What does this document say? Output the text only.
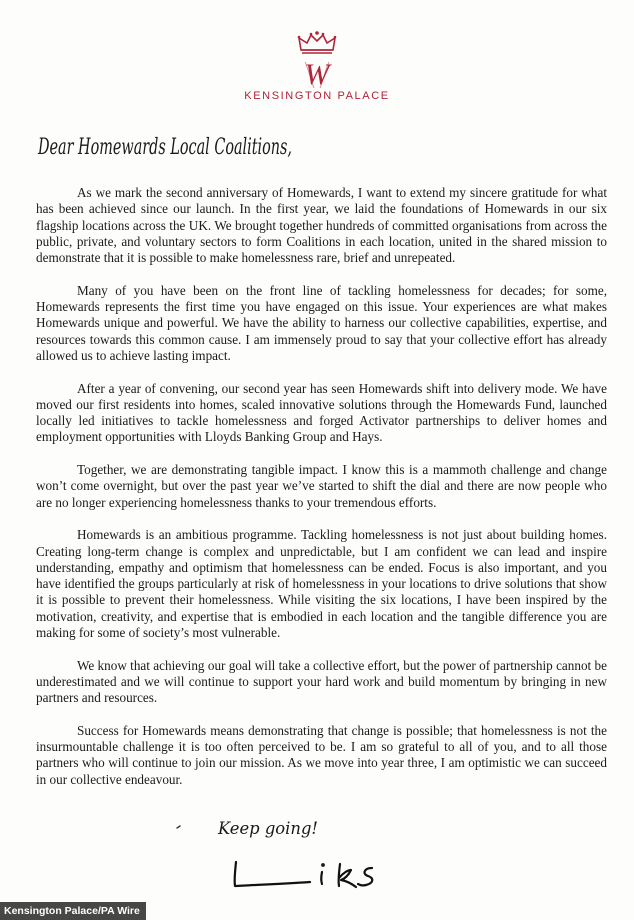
W
KENSINGTON PALACE
Dear Homewards Local Coalitions,

As we mark the second anniversary of Homewards, I want to extend my sincere gratitude for what has been achieved since our launch. In the first year, we laid the foundations of Homewards in our six flagship locations across the UK. We brought together hundreds of committed organisations from across the public, private, and voluntary sectors to form Coalitions in each location, united in the shared mission to demonstrate that it is possible to make homelessness rare, brief and unrepeated.

Many of you have been on the front line of tackling homelessness for decades; for some, Homewards represents the first time you have engaged on this issue. Your experiences are what makes Homewards unique and powerful. We have the ability to harness our collective capabilities, expertise, and resources towards this common cause. I am immensely proud to say that your collective effort has already allowed us to achieve lasting impact.

After a year of convening, our second year has seen Homewards shift into delivery mode. We have moved our first residents into homes, scaled innovative solutions through the Homewards Fund, launched locally led initiatives to tackle homelessness and forged Activator partnerships to deliver homes and employment opportunities with Lloyds Banking Group and Hays.

Together, we are demonstrating tangible impact. I know this is a mammoth challenge and change won’t come overnight, but over the past year we’ve started to shift the dial and there are now people who are no longer experiencing homelessness thanks to your tremendous efforts.

Homewards is an ambitious programme. Tackling homelessness is not just about building homes. Creating long-term change is complex and unpredictable, but I am confident we can lead and inspire understanding, empathy and optimism that homelessness can be ended. Focus is also important, and you have identified the groups particularly at risk of homelessness in your locations to drive solutions that show it is possible to prevent their homelessness. While visiting the six locations, I have been inspired by the motivation, creativity, and expertise that is embodied in each location and the tangible difference you are making for some of society’s most vulnerable.

We know that achieving our goal will take a collective effort, but the power of partnership cannot be underestimated and we will continue to support your hard work and build momentum by bringing in new partners and resources.

Success for Homewards means demonstrating that change is possible; that homelessness is not the insurmountable challenge it is too often perceived to be. I am so grateful to all of you, and to all those partners who will continue to join our mission. As we move into year three, I am optimistic we can succeed in our collective endeavour.

Keep going!
Kensington Palace/PA Wire
